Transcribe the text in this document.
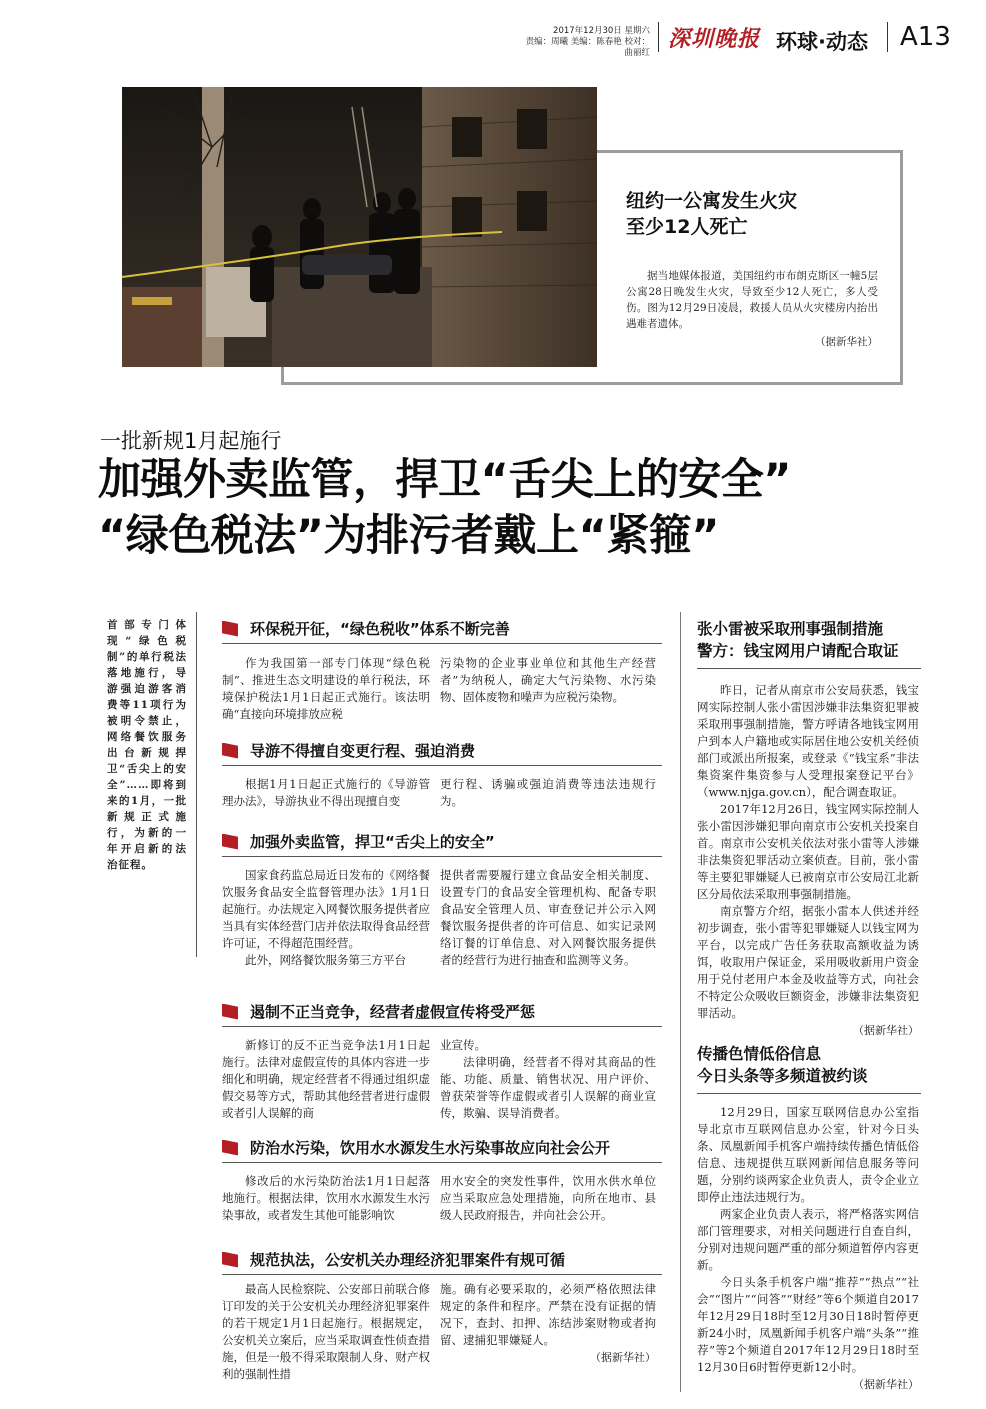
2017年12月30日 星期六
责编：周曦 美编：陈春艳 校对：曲丽红
深圳晚报 环球·动态 A13
纽约一公寓发生火灾
至少12人死亡
据当地媒体报道，美国纽约市布朗克斯区一幢5层公寓28日晚发生火灾，导致至少12人死亡，多人受伤。图为12月29日凌晨，救援人员从火灾楼房内抬出遇难者遗体。
（据新华社）
一批新规1月起施行
加强外卖监管，捍卫“舌尖上的安全”
“绿色税法”为排污者戴上“紧箍”
首部专门体现“绿色税制”的单行税法落地施行，导游强迫游客消费等11项行为被明令禁止，网络餐饮服务出台新规捍卫“舌尖上的安全”……即将到来的1月，一批新规正式施行，为新的一年开启新的法治征程。
环保税开征，“绿色税收”体系不断完善

作为我国第一部专门体现“绿色税制”、推进生态文明建设的单行税法，环境保护税法1月1日起正式施行。该法明确“直接向环境排放应税

污染物的企业事业单位和其他生产经营者”为纳税人，确定大气污染物、水污染物、固体废物和噪声为应税污染物。

导游不得擅自变更行程、强迫消费

根据1月1日起正式施行的《导游管理办法》，导游执业不得出现擅自变

更行程、诱骗或强迫消费等违法违规行为。

加强外卖监管，捍卫“舌尖上的安全”

国家食药监总局近日发布的《网络餐饮服务食品安全监督管理办法》1月1日起施行。办法规定入网餐饮服务提供者应当具有实体经营门店并依法取得食品经营许可证，不得超范围经营。

此外，网络餐饮服务第三方平台

提供者需要履行建立食品安全相关制度、设置专门的食品安全管理机构、配备专职食品安全管理人员、审查登记并公示入网餐饮服务提供者的许可信息、如实记录网络订餐的订单信息、对入网餐饮服务提供者的经营行为进行抽查和监测等义务。

遏制不正当竞争，经营者虚假宣传将受严惩

新修订的反不正当竞争法1月1日起施行。法律对虚假宣传的具体内容进一步细化和明确，规定经营者不得通过组织虚假交易等方式，帮助其他经营者进行虚假或者引人误解的商

业宣传。

法律明确，经营者不得对其商品的性能、功能、质量、销售状况、用户评价、曾获荣誉等作虚假或者引人误解的商业宣传，欺骗、误导消费者。

防治水污染，饮用水水源发生水污染事故应向社会公开

修改后的水污染防治法1月1日起落地施行。根据法律，饮用水水源发生水污染事故，或者发生其他可能影响饮

用水安全的突发性事件，饮用水供水单位应当采取应急处理措施，向所在地市、县级人民政府报告，并向社会公开。

规范执法，公安机关办理经济犯罪案件有规可循

最高人民检察院、公安部日前联合修订印发的关于公安机关办理经济犯罪案件的若干规定1月1日起施行。根据规定，公安机关立案后，应当采取调查性侦查措施，但是一般不得采取限制人身、财产权利的强制性措

施。确有必要采取的，必须严格依照法律规定的条件和程序。严禁在没有证据的情况下，查封、扣押、冻结涉案财物或者拘留、逮捕犯罪嫌疑人。

（据新华社）
张小雷被采取刑事强制措施
警方：钱宝网用户请配合取证

昨日，记者从南京市公安局获悉，钱宝网实际控制人张小雷因涉嫌非法集资犯罪被采取刑事强制措施，警方呼请各地钱宝网用户到本人户籍地或实际居住地公安机关经侦部门或派出所报案，或登录《“钱宝系”非法集资案件集资参与人受理报案登记平台》（www.njga.gov.cn），配合调查取证。

2017年12月26日，钱宝网实际控制人张小雷因涉嫌犯罪向南京市公安机关投案自首。南京市公安机关依法对张小雷等人涉嫌非法集资犯罪活动立案侦查。目前，张小雷等主要犯罪嫌疑人已被南京市公安局江北新区分局依法采取刑事强制措施。

南京警方介绍，据张小雷本人供述并经初步调查，张小雷等犯罪嫌疑人以钱宝网为平台，以完成广告任务获取高额收益为诱饵，收取用户保证金，采用吸收新用户资金用于兑付老用户本金及收益等方式，向社会不特定公众吸收巨额资金，涉嫌非法集资犯罪活动。

（据新华社）
传播色情低俗信息
今日头条等多频道被约谈

12月29日，国家互联网信息办公室指导北京市互联网信息办公室，针对今日头条、凤凰新闻手机客户端持续传播色情低俗信息、违规提供互联网新闻信息服务等问题，分别约谈两家企业负责人，责令企业立即停止违法违规行为。

两家企业负责人表示，将严格落实网信部门管理要求，对相关问题进行自查自纠，分别对违规问题严重的部分频道暂停内容更新。

今日头条手机客户端“推荐”“热点”“社会”“图片”“问答”“财经”等6个频道自2017年12月29日18时至12月30日18时暂停更新24小时，凤凰新闻手机客户端“头条”“推荐”等2个频道自2017年12月29日18时至12月30日6时暂停更新12小时。

（据新华社）
